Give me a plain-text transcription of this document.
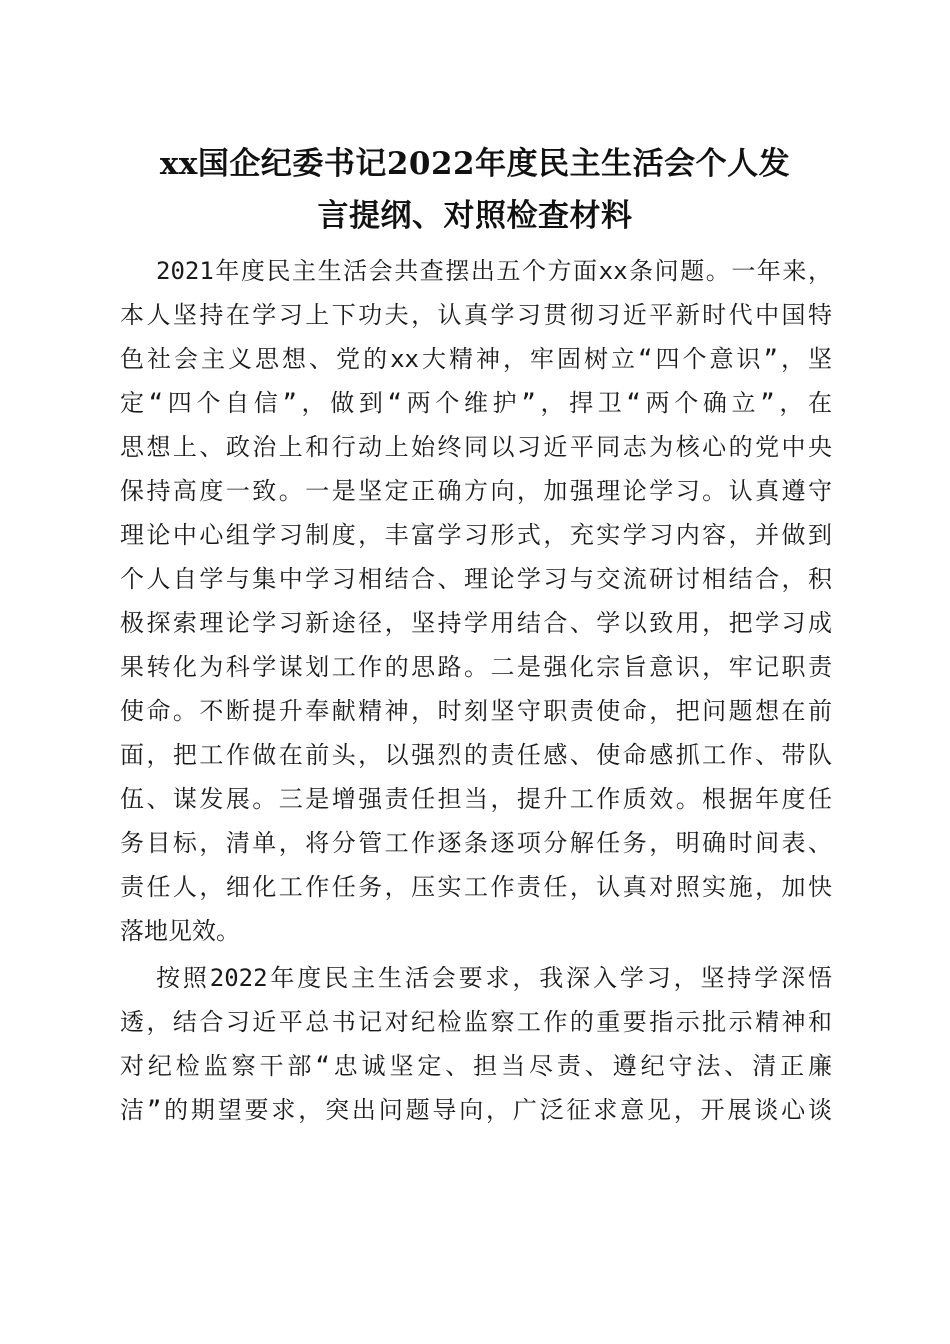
xx国企纪委书记2022年度民主生活会个人发
言提纲、对照检查材料
2021年度民主生活会共查摆出五个方面xx条问题。一年来，
本人坚持在学习上下功夫，认真学习贯彻习近平新时代中国特
色社会主义思想、党的xx大精神，牢固树立“四个意识”，坚
定“四个自信”，做到“两个维护”，捍卫“两个确立”，在
思想上、政治上和行动上始终同以习近平同志为核心的党中央
保持高度一致。一是坚定正确方向，加强理论学习。认真遵守
理论中心组学习制度，丰富学习形式，充实学习内容，并做到
个人自学与集中学习相结合、理论学习与交流研讨相结合，积
极探索理论学习新途径，坚持学用结合、学以致用，把学习成
果转化为科学谋划工作的思路。二是强化宗旨意识，牢记职责
使命。不断提升奉献精神，时刻坚守职责使命，把问题想在前
面，把工作做在前头，以强烈的责任感、使命感抓工作、带队
伍、谋发展。三是增强责任担当，提升工作质效。根据年度任
务目标，清单，将分管工作逐条逐项分解任务，明确时间表、
责任人，细化工作任务，压实工作责任，认真对照实施，加快
落地见效。
按照2022年度民主生活会要求，我深入学习，坚持学深悟
透，结合习近平总书记对纪检监察工作的重要指示批示精神和
对纪检监察干部“忠诚坚定、担当尽责、遵纪守法、清正廉
洁”的期望要求，突出问题导向，广泛征求意见，开展谈心谈
